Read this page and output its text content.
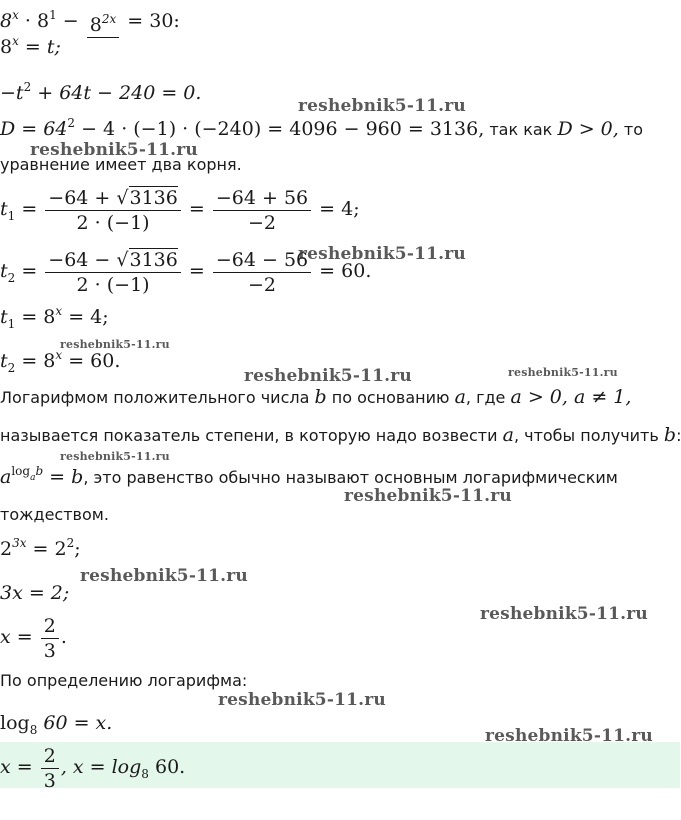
$8^x \cdot 8^1 - 8^{2x} = 30$:
$8^x = t$;
$-t^2 + 64t - 240 = 0$.
$D = 64^2 - 4 \cdot (-1) \cdot (-240) = 4096 - 960 = 3136$, так как D > 0, то
уравнение имеет два корня.
$t_1 = \frac{-64 + √3136}{2 \cdot (-1)} = \frac{-64 + 56}{-2} = 4$;
$t_2 = \frac{-64 - √3136}{2 \cdot (-1)} = \frac{-64 - 56}{-2} = 60$.
$t_1 = 8^x = 4$;
$t_2 = 8^x = 60$.
Логарифмом положительного числа b по основанию a, где a > 0, a ≠ 1,
называется показатель степени, в которую надо возвести a, чтобы получить b:
$a^{log_ab} = b$, это равенство обычно называют основным логарифмическим
тождеством.
$2^{3x} = 2^2$;
3x = 2;
$x = \frac{2}{3}$ .
По определению логарифма:
$\log_8 60 = x$.
$x = \frac{2}{3}$ , $x = \log_8 60$.
reshebnik5-11.ru
reshebnik5-11.ru
reshebnik5-11.ru
reshebnik5-11.ru
reshebnik5-11.ru	reshebnik5-11.ru
reshebnik5-11.ru
reshebnik5-11.ru
reshebnik5-11.ru
reshebnik5-11.ru
reshebnik5-11.ru
reshebnik5-11.ru
